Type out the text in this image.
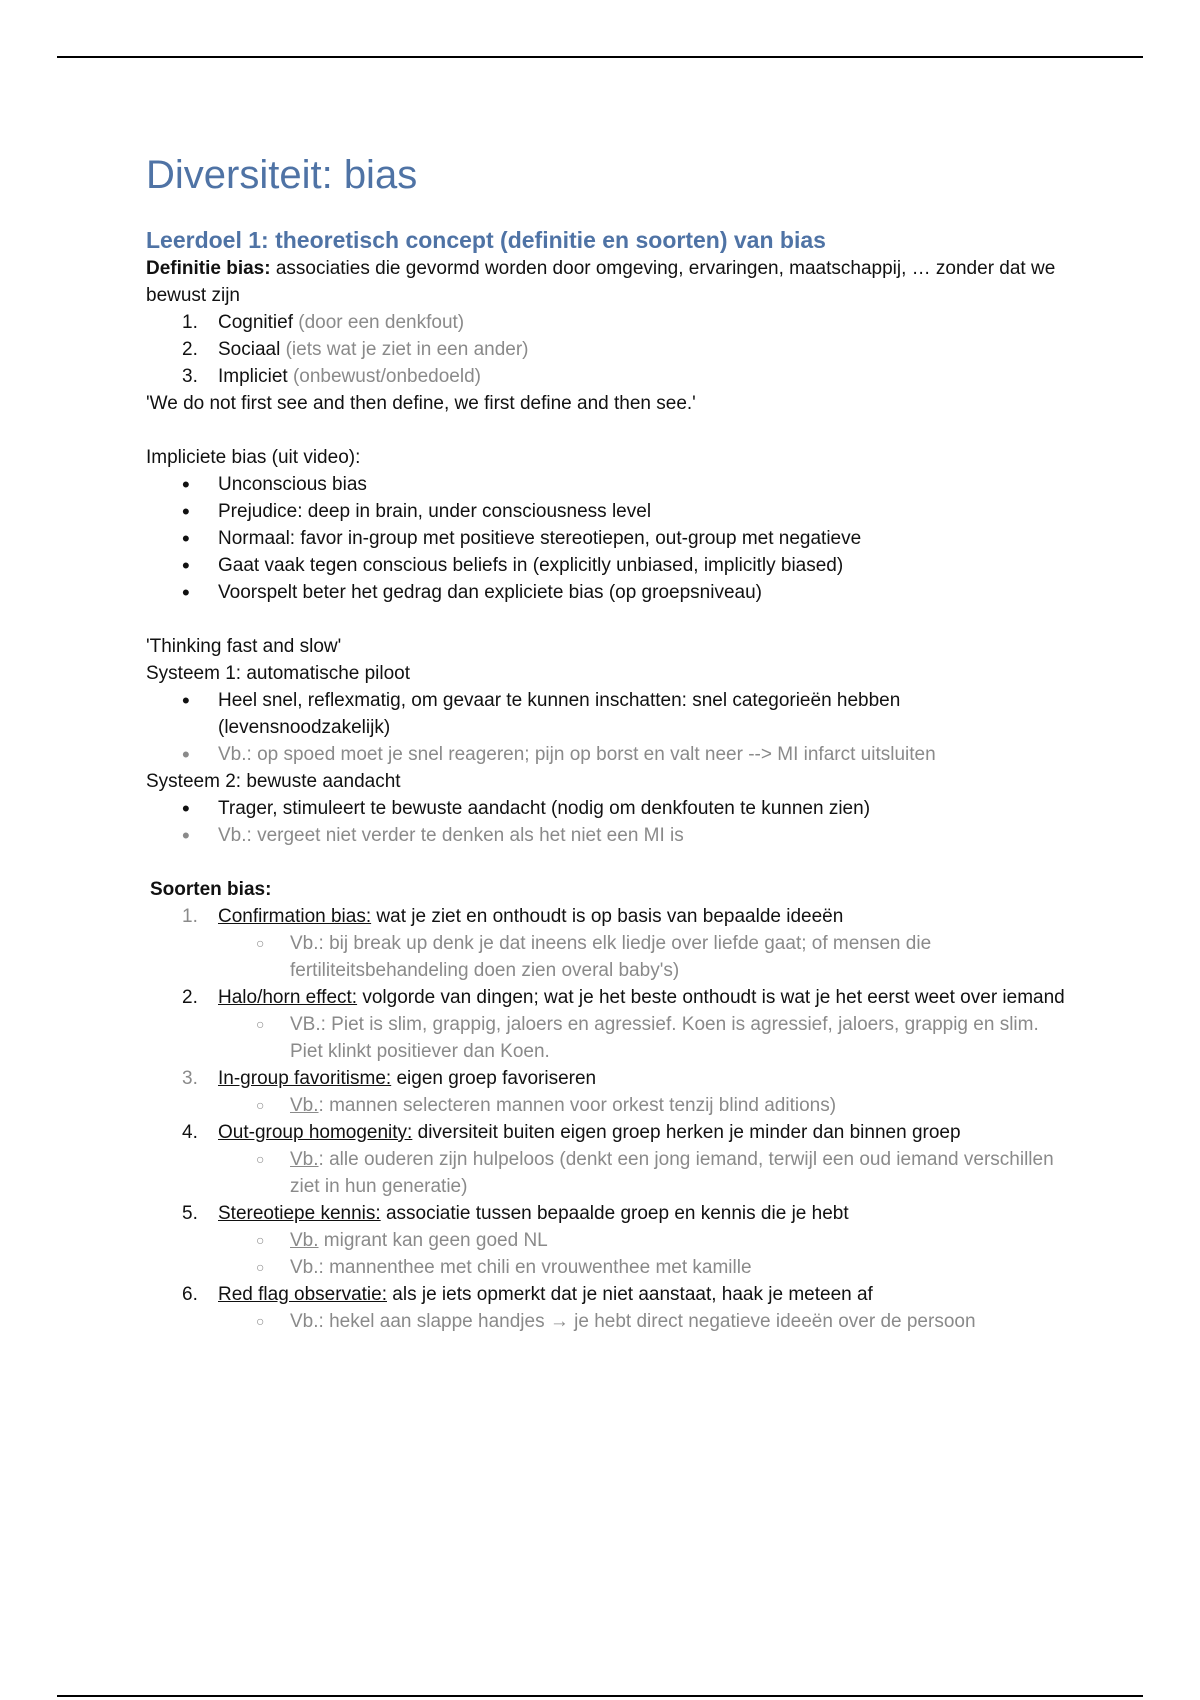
Diversiteit: bias
Leerdoel 1: theoretisch concept (definitie en soorten) van bias

Definitie bias: associaties die gevormd worden door omgeving, ervaringen, maatschappij, … zonder dat we bewust zijn

1.	Cognitief (door een denkfout)
2.	Sociaal (iets wat je ziet in een ander)
3.	Impliciet (onbewust/onbedoeld)

'We do not first see and then define, we first define and then see.'

Impliciete bias (uit video):

•
Unconscious bias
•
Prejudice: deep in brain, under consciousness level
•
Normaal: favor in-group met positieve stereotiepen, out-group met negatieve
•
Gaat vaak tegen conscious beliefs in (explicitly unbiased, implicitly biased)
•
Voorspelt beter het gedrag dan expliciete bias (op groepsniveau)

'Thinking fast and slow'

Systeem 1: automatische piloot

•
Heel snel, reflexmatig, om gevaar te kunnen inschatten: snel categorieën hebben (levensnoodzakelijk)
•
Vb.: op spoed moet je snel reageren; pijn op borst en valt neer --> MI infarct uitsluiten

Systeem 2: bewuste aandacht

•
Trager, stimuleert te bewuste aandacht (nodig om denkfouten te kunnen zien)
•
Vb.: vergeet niet verder te denken als het niet een MI is

Soorten bias:

1.	Confirmation bias: wat je ziet en onthoudt is op basis van bepaalde ideeën
○
Vb.: bij break up denk je dat ineens elk liedje over liefde gaat; of mensen die fertiliteitsbehandeling doen zien overal baby's)
2.	Halo/horn effect: volgorde van dingen; wat je het beste onthoudt is wat je het eerst weet over iemand
○
VB.: Piet is slim, grappig, jaloers en agressief. Koen is agressief, jaloers, grappig en slim. Piet klinkt positiever dan Koen.
3.	In-group favoritisme: eigen groep favoriseren
○
Vb.: mannen selecteren mannen voor orkest tenzij blind aditions)
4.	Out-group homogenity: diversiteit buiten eigen groep herken je minder dan binnen groep
○
Vb.: alle ouderen zijn hulpeloos (denkt een jong iemand, terwijl een oud iemand verschillen ziet in hun generatie)
5.	Stereotiepe kennis: associatie tussen bepaalde groep en kennis die je hebt
○
Vb. migrant kan geen goed NL
○
Vb.: mannenthee met chili en vrouwenthee met kamille
6.	Red flag observatie: als je iets opmerkt dat je niet aanstaat, haak je meteen af
○
Vb.: hekel aan slappe handjes → je hebt direct negatieve ideeën over de persoon
